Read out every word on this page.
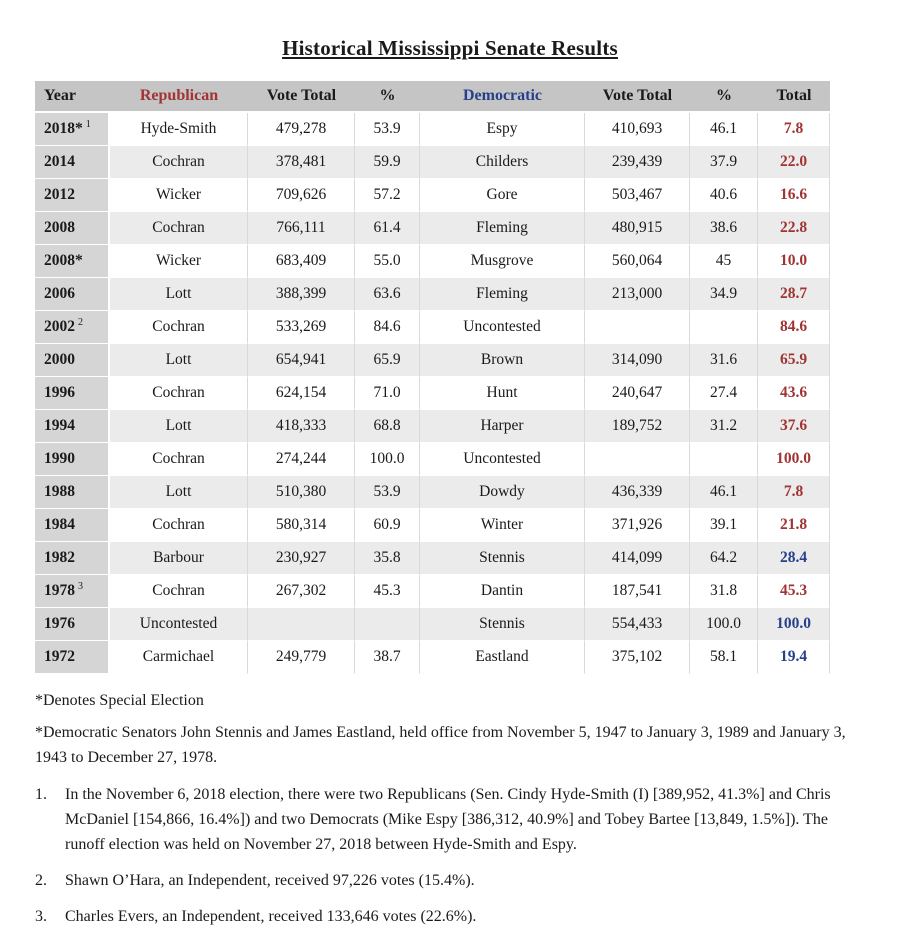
Historical Mississippi Senate Results
Year	Republican	Vote Total	%	Democratic	Vote Total	%	Total
2018* $^1$	Hyde-Smith	479,278	53.9	Espy	410,693	46.1	7.8
2014	Cochran	378,481	59.9	Childers	239,439	37.9	22.0
2012	Wicker	709,626	57.2	Gore	503,467	40.6	16.6
2008	Cochran	766,111	61.4	Fleming	480,915	38.6	22.8
2008*	Wicker	683,409	55.0	Musgrove	560,064	45	10.0
2006	Lott	388,399	63.6	Fleming	213,000	34.9	28.7
2002 $^2$	Cochran	533,269	84.6	Uncontested			84.6
2000	Lott	654,941	65.9	Brown	314,090	31.6	65.9
1996	Cochran	624,154	71.0	Hunt	240,647	27.4	43.6
1994	Lott	418,333	68.8	Harper	189,752	31.2	37.6
1990	Cochran	274,244	100.0	Uncontested			100.0
1988	Lott	510,380	53.9	Dowdy	436,339	46.1	7.8
1984	Cochran	580,314	60.9	Winter	371,926	39.1	21.8
1982	Barbour	230,927	35.8	Stennis	414,099	64.2	28.4
1978 $^3$	Cochran	267,302	45.3	Dantin	187,541	31.8	45.3
1976	Uncontested			Stennis	554,433	100.0	100.0
1972	Carmichael	249,779	38.7	Eastland	375,102	58.1	19.4

*Denotes Special Election

*Democratic Senators John Stennis and James Eastland, held office from November 5, 1947 to January 3, 1989 and January 3, 1943 to December 27, 1978.

1.	In the November 6, 2018 election, there were two Republicans (Sen. Cindy Hyde-Smith (I) [389,952, 41.3%] and Chris McDaniel [154,866, 16.4%]) and two Democrats (Mike Espy [386,312, 40.9%] and Tobey Bartee [13,849, 1.5%]). The runoff election was held on November 27, 2018 between Hyde-Smith and Espy.
2.	Shawn O’Hara, an Independent, received 97,226 votes (15.4%).
3.	Charles Evers, an Independent, received 133,646 votes (22.6%).
